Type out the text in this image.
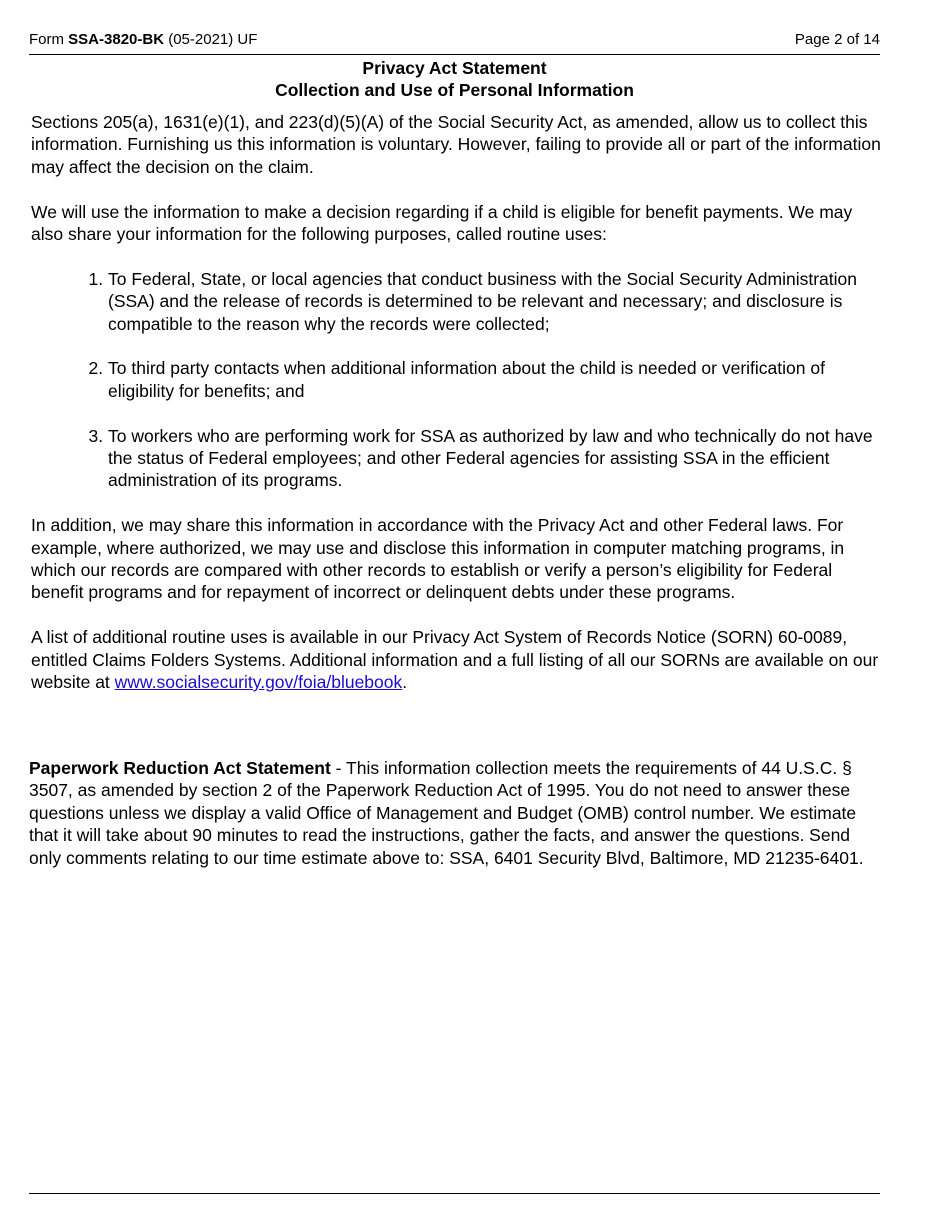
Form SSA-3820-BK (05-2021) UF	Page 2 of 14
Privacy Act Statement
Collection and Use of Personal Information

Sections 205(a), 1631(e)(1), and 223(d)(5)(A) of the Social Security Act, as amended, allow us to collect this information. Furnishing us this information is voluntary. However, failing to provide all or part of the information may affect the decision on the claim.

We will use the information to make a decision regarding if a child is eligible for benefit payments. We may also share your information for the following purposes, called routine uses:

1. To Federal, State, or local agencies that conduct business with the Social Security Administration (SSA) and the release of records is determined to be relevant and necessary; and disclosure is compatible to the reason why the records were collected;
2. To third party contacts when additional information about the child is needed or verification of eligibility for benefits; and
3. To workers who are performing work for SSA as authorized by law and who technically do not have the status of Federal employees; and other Federal agencies for assisting SSA in the efficient administration of its programs.

In addition, we may share this information in accordance with the Privacy Act and other Federal laws. For example, where authorized, we may use and disclose this information in computer matching programs, in which our records are compared with other records to establish or verify a person’s eligibility for Federal benefit programs and for repayment of incorrect or delinquent debts under these programs.

A list of additional routine uses is available in our Privacy Act System of Records Notice (SORN) 60-0089, entitled Claims Folders Systems. Additional information and a full listing of all our SORNs are available on our website at www.socialsecurity.gov/foia/bluebook.

Paperwork Reduction Act Statement - This information collection meets the requirements of 44 U.S.C. § 3507, as amended by section 2 of the Paperwork Reduction Act of 1995. You do not need to answer these questions unless we display a valid Office of Management and Budget (OMB) control number. We estimate that it will take about 90 minutes to read the instructions, gather the facts, and answer the questions. Send only comments relating to our time estimate above to: SSA, 6401 Security Blvd, Baltimore, MD 21235-6401.
